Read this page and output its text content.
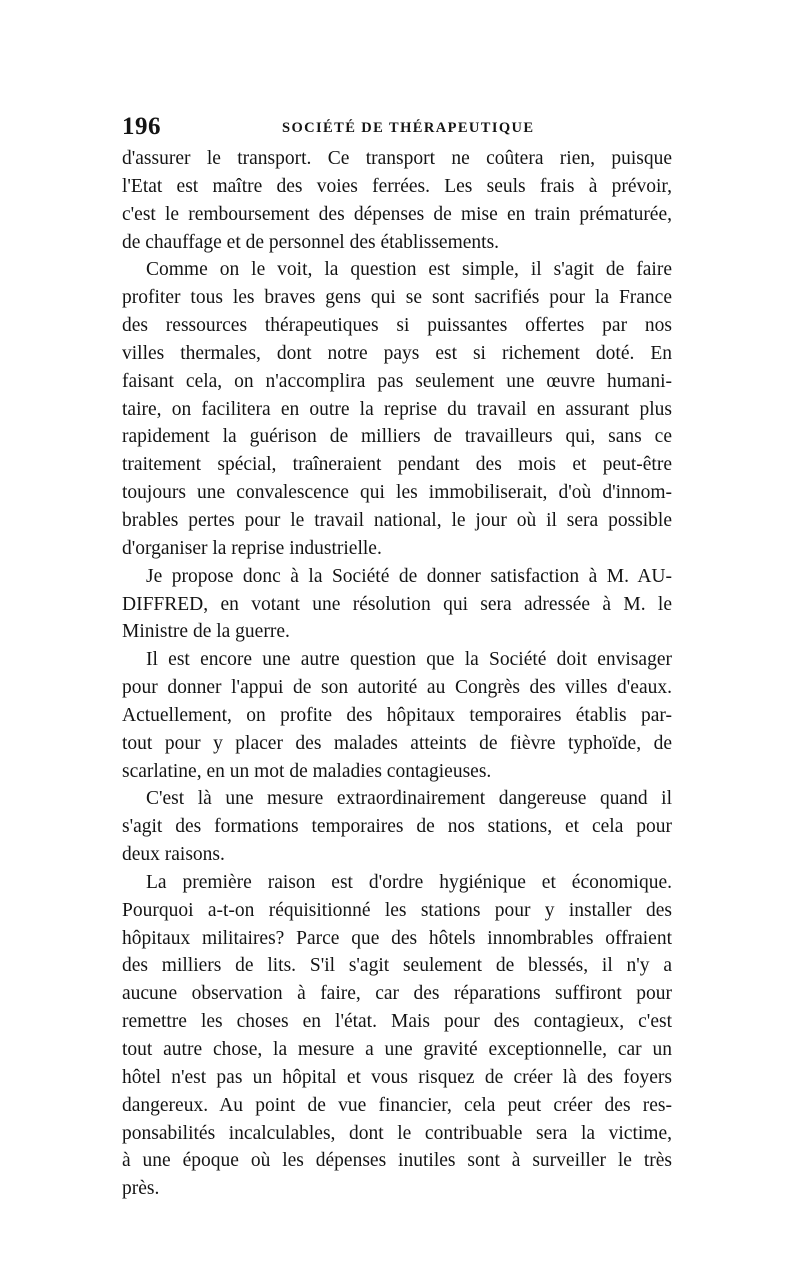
196	SOCIÉTÉ DE THÉRAPEUTIQUE
d'assurer le transport. Ce transport ne coûtera rien, puisque
l'Etat est maître des voies ferrées. Les seuls frais à prévoir,
c'est le remboursement des dépenses de mise en train prématurée,
de chauffage et de personnel des établissements.
Comme on le voit, la question est simple, il s'agit de faire
profiter tous les braves gens qui se sont sacrifiés pour la France
des ressources thérapeutiques si puissantes offertes par nos
villes thermales, dont notre pays est si richement doté. En
faisant cela, on n'accomplira pas seulement une œuvre humani-
taire, on facilitera en outre la reprise du travail en assurant plus
rapidement la guérison de milliers de travailleurs qui, sans ce
traitement spécial, traîneraient pendant des mois et peut-être
toujours une convalescence qui les immobiliserait, d'où d'innom-
brables pertes pour le travail national, le jour où il sera possible
d'organiser la reprise industrielle.
Je propose donc à la Société de donner satisfaction à M. AU-
DIFFRED, en votant une résolution qui sera adressée à M. le
Ministre de la guerre.
Il est encore une autre question que la Société doit envisager
pour donner l'appui de son autorité au Congrès des villes d'eaux.
Actuellement, on profite des hôpitaux temporaires établis par-
tout pour y placer des malades atteints de fièvre typhoïde, de
scarlatine, en un mot de maladies contagieuses.
C'est là une mesure extraordinairement dangereuse quand il
s'agit des formations temporaires de nos stations, et cela pour
deux raisons.
La première raison est d'ordre hygiénique et économique.
Pourquoi a-t-on réquisitionné les stations pour y installer des
hôpitaux militaires? Parce que des hôtels innombrables offraient
des milliers de lits. S'il s'agit seulement de blessés, il n'y a
aucune observation à faire, car des réparations suffiront pour
remettre les choses en l'état. Mais pour des contagieux, c'est
tout autre chose, la mesure a une gravité exceptionnelle, car un
hôtel n'est pas un hôpital et vous risquez de créer là des foyers
dangereux. Au point de vue financier, cela peut créer des res-
ponsabilités incalculables, dont le contribuable sera la victime,
à une époque où les dépenses inutiles sont à surveiller le très
près.
